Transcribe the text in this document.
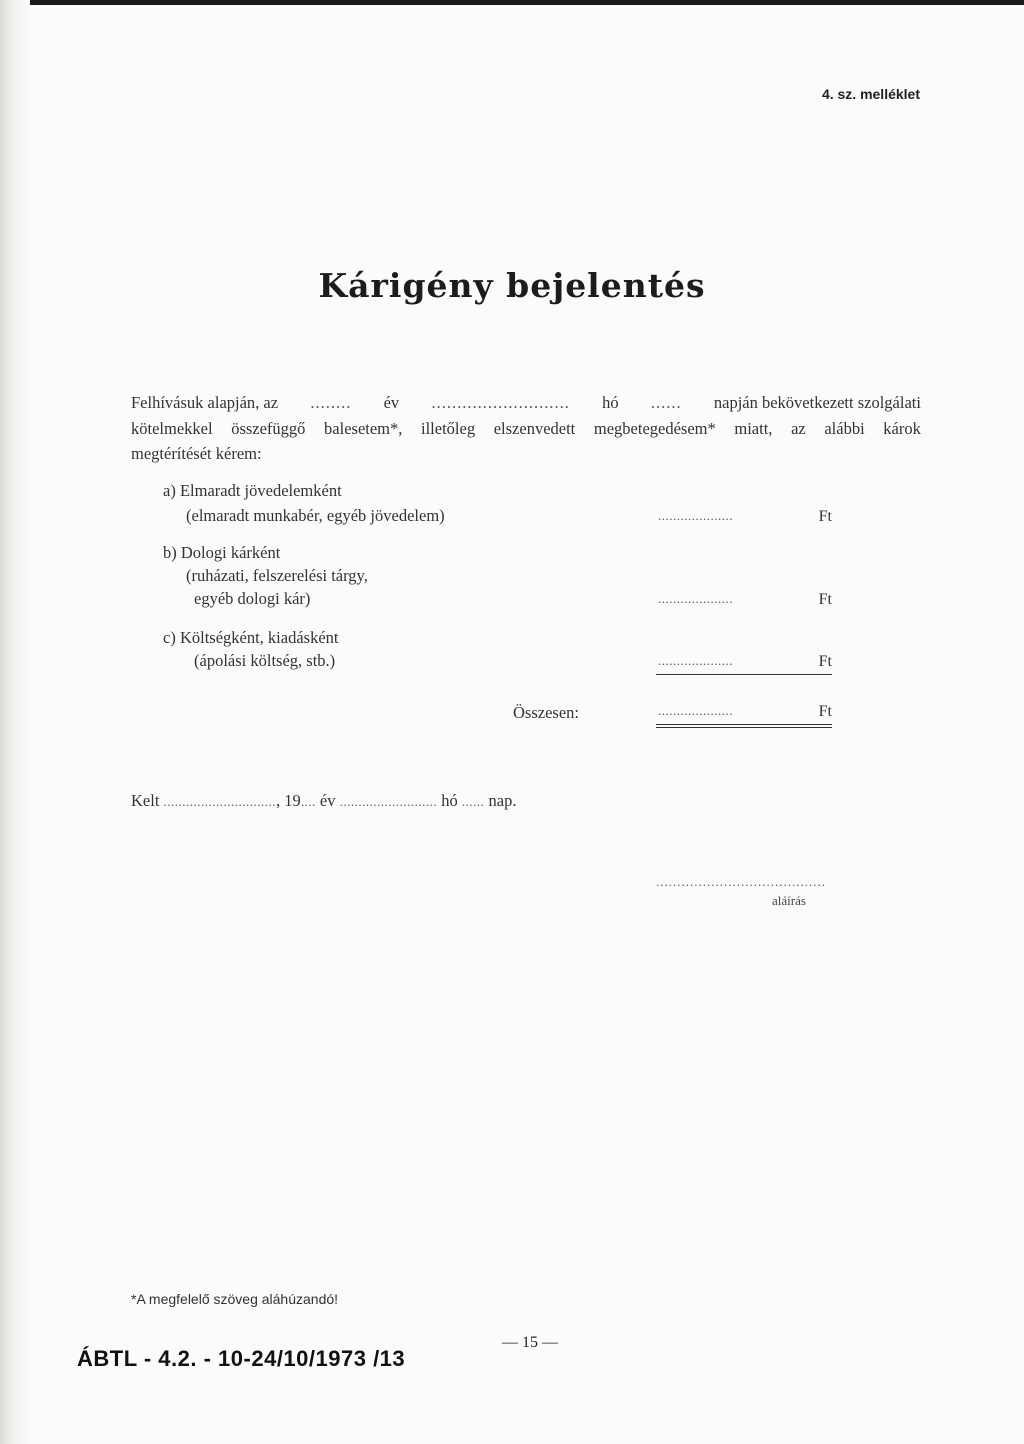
4. sz. melléklet
Kárigény bejelentés
Felhívásuk alapján, az ........ év ........................... hó ...... napján bekövetkezett szolgálati
kötelmekkel összefüggő balesetem*, illetőleg elszenvedett megbetegedésem* miatt, az alábbi károk
megtérítését kérem:
a) Elmaradt jövedelemként
(elmaradt munkabér, egyéb jövedelem)	....................	Ft
b) Dologi kárként
(ruházati, felszerelési tárgy,
egyéb dologi kár)	....................	Ft
c) Költségként, kiadásként
(ápolási költség, stb.)	....................	Ft
Összesen:	....................	Ft
Kelt .............................., 19.... év .......................... hó ...... nap.
........................................
aláírás
*A megfelelő szöveg aláhúzandó!
ÁBTL - 4.2. - 10-24/10/1973 /13
— 15 —
